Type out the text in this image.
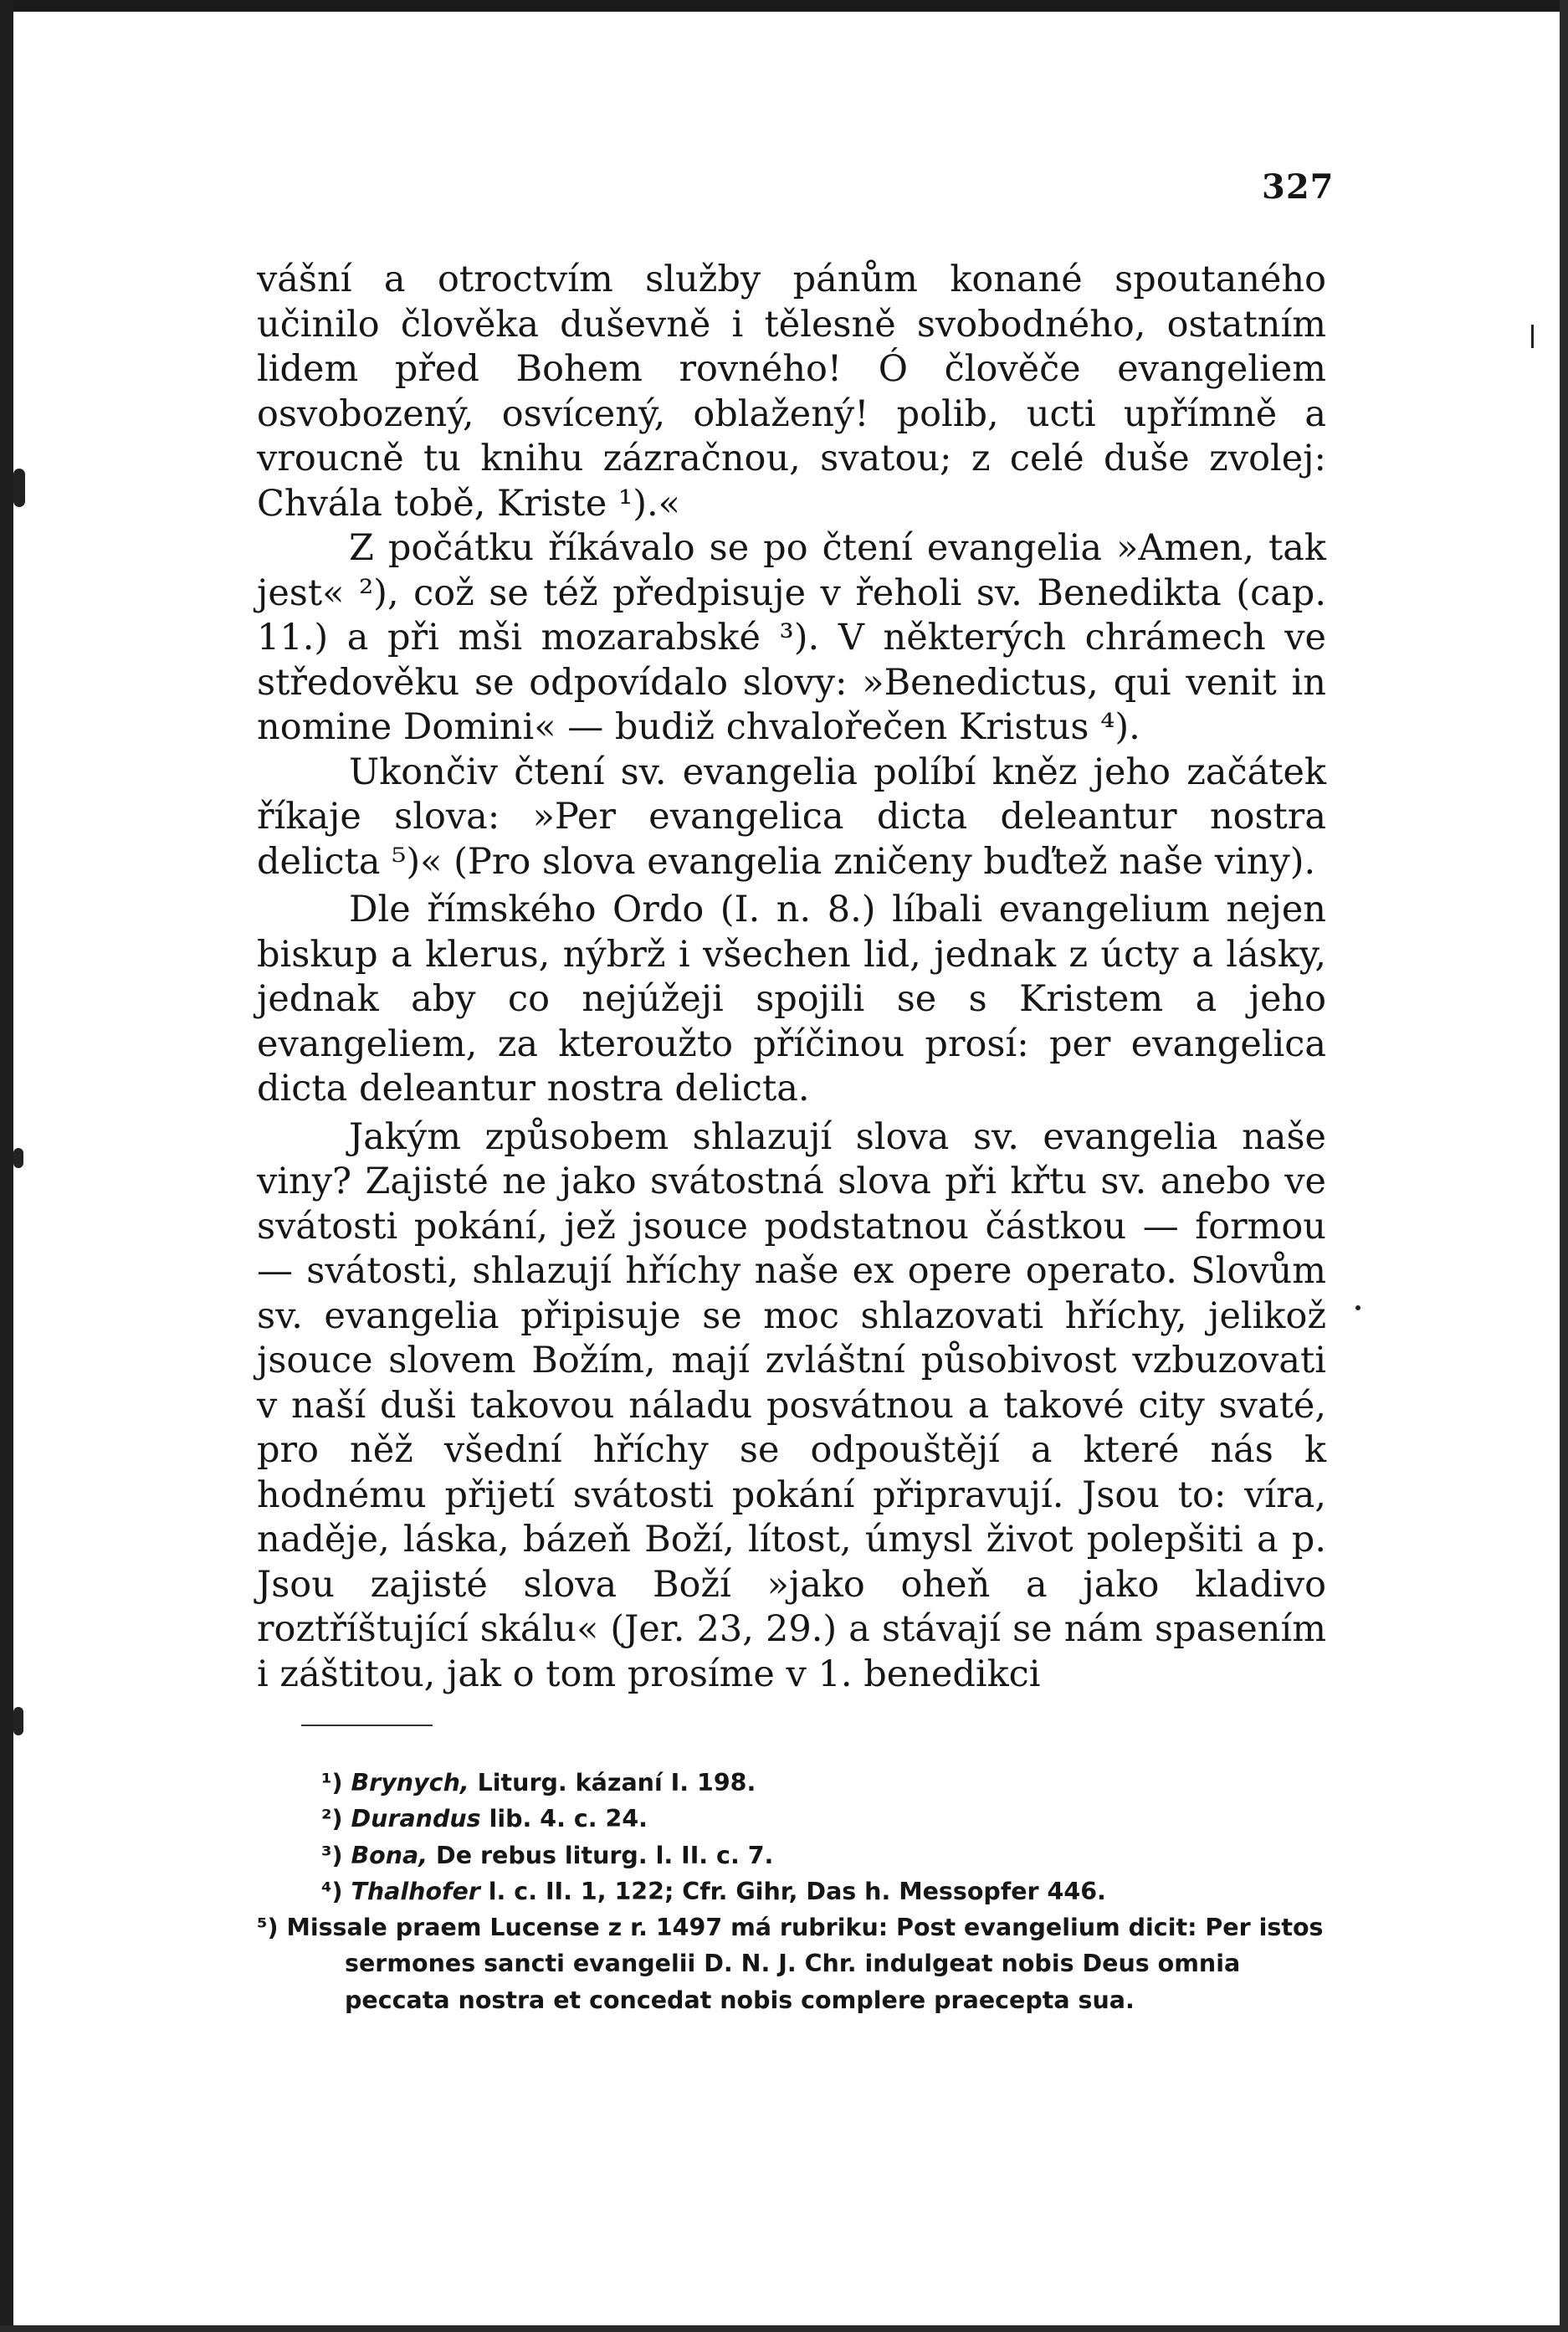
327

vášní a otroctvím služby pánům konané spoutaného učinilo člověka duševně i tělesně svobodného, ostatním lidem před Bohem rovného! Ó člověče evangeliem osvobozený, osvícený, oblažený! polib, ucti upřímně a vroucně tu knihu zázračnou, svatou; z celé duše zvolej: Chvála tobě, Kriste ¹).«

Z počátku říkávalo se po čtení evangelia »Amen, tak jest« ²), což se též předpisuje v řeholi sv. Benedikta (cap. 11.) a při mši mozarabské ³). V některých chrámech ve středověku se odpovídalo slovy: »Benedictus, qui venit in nomine Domini« — budiž chvalořečen Kristus ⁴).

Ukončiv čtení sv. evangelia políbí kněz jeho začátek říkaje slova: »Per evangelica dicta deleantur nostra delicta ⁵)« (Pro slova evangelia zničeny buďtež naše viny).

Dle římského Ordo (I. n. 8.) líbali evangelium nejen biskup a klerus, nýbrž i všechen lid, jednak z úcty a lásky, jednak aby co nejúžeji spojili se s Kristem a jeho evangeliem, za kteroužto příčinou prosí: per evangelica dicta deleantur nostra delicta.

Jakým způsobem shlazují slova sv. evangelia naše viny? Zajisté ne jako svátostná slova při křtu sv. anebo ve svátosti pokání, jež jsouce podstatnou částkou — formou — svátosti, shlazují hříchy naše ex opere operato. Slovům sv. evangelia připisuje se moc shlazovati hříchy, jelikož jsouce slovem Božím, mají zvláštní působivost vzbuzovati v naší duši takovou náladu posvátnou a takové city svaté, pro něž všední hříchy se odpouštějí a které nás k hodnému přijetí svátosti pokání připravují. Jsou to: víra, naděje, láska, bázeň Boží, lítost, úmysl život polepšiti a p. Jsou zajisté slova Boží »jako oheň a jako kladivo roztříštující skálu« (Jer. 23, 29.) a stávají se nám spasením i záštitou, jak o tom prosíme v 1. benedikci

¹) Brynych, Liturg. kázaní I. 198.

²) Durandus lib. 4. c. 24.

³) Bona, De rebus liturg. l. II. c. 7.

⁴) Thalhofer l. c. II. 1, 122; Cfr. Gihr, Das h. Messopfer 446.

⁵) Missale praem Lucense z r. 1497 má rubriku: Post evangelium dicit: Per istos sermones sancti evangelii D. N. J. Chr. indulgeat nobis Deus omnia peccata nostra et concedat nobis complere praecepta sua.
